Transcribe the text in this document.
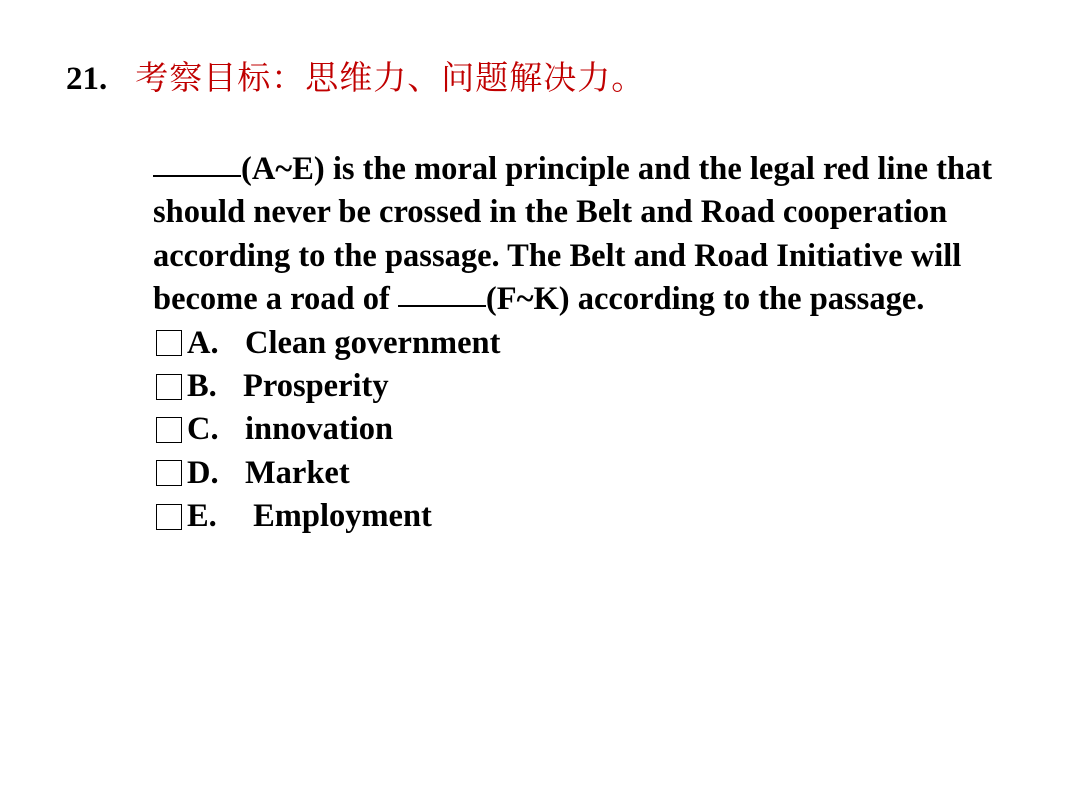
21. 考察目标：思维力、问题解决力。

(A~E) is the moral principle and the legal red line that should never be crossed in the Belt and Road cooperation according to the passage. The Belt and Road Initiative will become a road of	(F~K) according to the passage.

A. Clean government
B. Prosperity
C. innovation
D. Market
E. Employment
